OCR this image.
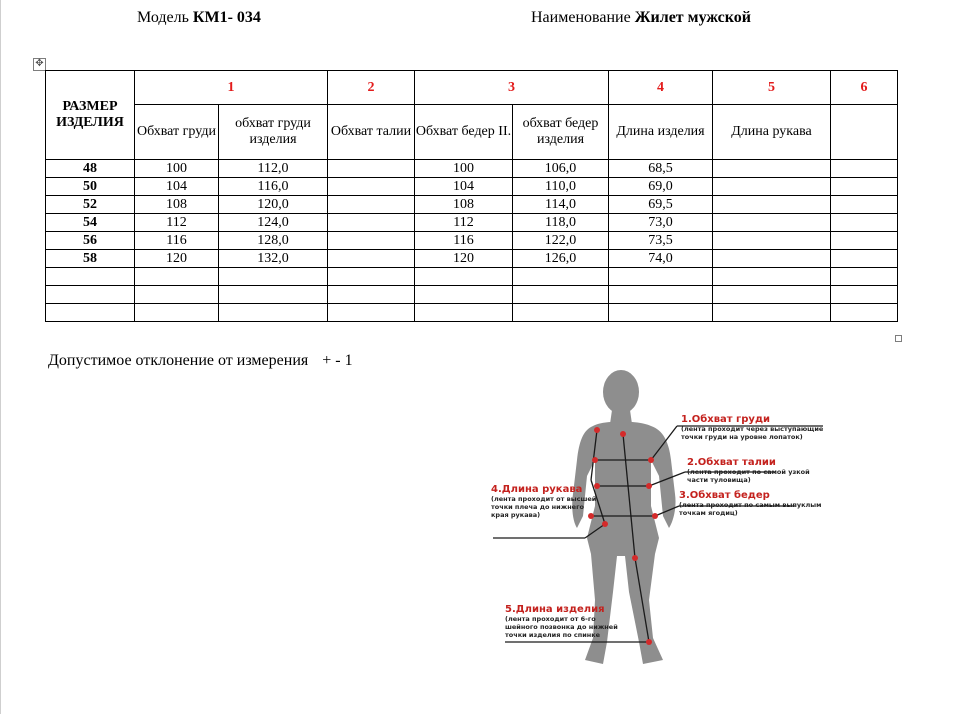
Модель КМ1- 034	Наименование Жилет мужской
✥
РАЗМЕР ИЗДЕЛИЯ	1		2	3		4	5	6
	Обхват груди	обхват груди изделия	Обхват талии	Обхват бедер II.	обхват бедер изделия	Длина изделия	Длина рукава	
48	100	112,0		100	106,0	68,5		
50	104	116,0		104	110,0	69,0		
52	108	120,0		108	114,0	69,5		
54	112	124,0		112	118,0	73,0		
56	116	128,0		116	122,0	73,5		
58	120	132,0		120	126,0	74,0		

Допустимое отклонение от измерения + - 1
1.Обхват груди
(лента проходит через выступающие
точки груди на уровне лопаток)
2.Обхват талии
(лента проходит по самой узкой
части туловища)
3.Обхват бедер
(лента проходит по самым выпуклым
точкам ягодиц)
4.Длина рукава
(лента проходит от высшей
точки плеча до нижнего
края рукава)
5.Длина изделия
(лента проходит от 6-го
шейного позвонка до нижней
точки изделия по спинке
